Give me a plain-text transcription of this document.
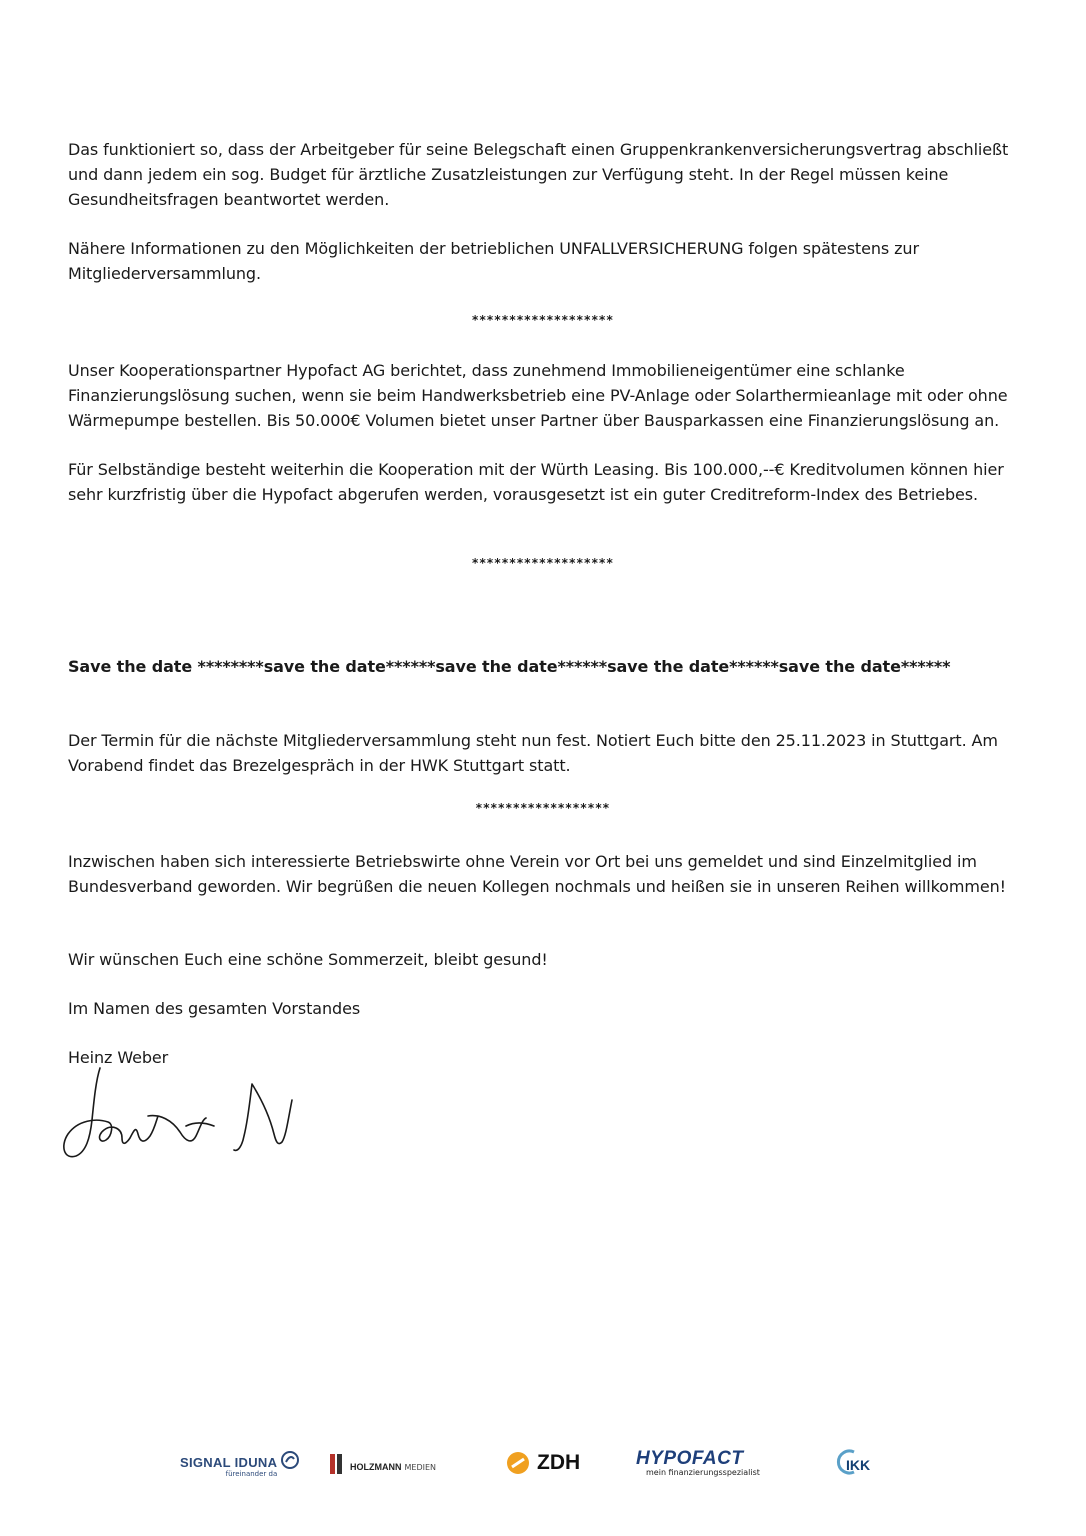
Das funktioniert so, dass der Arbeitgeber für seine Belegschaft einen Gruppenkrankenversicherungsvertrag abschließt
und dann jedem ein sog. Budget für ärztliche Zusatzleistungen zur Verfügung steht. In der Regel müssen keine
Gesundheitsfragen beantwortet werden.

Nähere Informationen zu den Möglichkeiten der betrieblichen UNFALLVERSICHERUNG folgen spätestens zur
Mitgliederversammlung.

*******************

Unser Kooperationspartner Hypofact AG berichtet, dass zunehmend Immobilieneigentümer eine schlanke
Finanzierungslösung suchen, wenn sie beim Handwerksbetrieb eine PV-Anlage oder Solarthermieanlage mit oder ohne
Wärmepumpe bestellen. Bis 50.000€ Volumen bietet unser Partner über Bausparkassen eine Finanzierungslösung an.

Für Selbständige besteht weiterhin die Kooperation mit der Würth Leasing. Bis 100.000,--€ Kreditvolumen können hier
sehr kurzfristig über die Hypofact abgerufen werden, vorausgesetzt ist ein guter Creditreform-Index des Betriebes.

*******************

Save the date ********save the date******save the date******save the date******save the date******

Der Termin für die nächste Mitgliederversammlung steht nun fest. Notiert Euch bitte den 25.11.2023 in Stuttgart. Am
Vorabend findet das Brezelgespräch in der HWK Stuttgart statt.

******************

Inzwischen haben sich interessierte Betriebswirte ohne Verein vor Ort bei uns gemeldet und sind Einzelmitglied im
Bundesverband geworden. Wir begrüßen die neuen Kollegen nochmals und heißen sie in unseren Reihen willkommen!

Wir wünschen Euch eine schöne Sommerzeit, bleibt gesund!

Im Namen des gesamten Vorstandes

Heinz Weber

SIGNAL IDUNA
füreinander da
HOLZMANN MEDIEN	ZDH	HYPOFACT
mein finanzierungsspezialist	IKK
